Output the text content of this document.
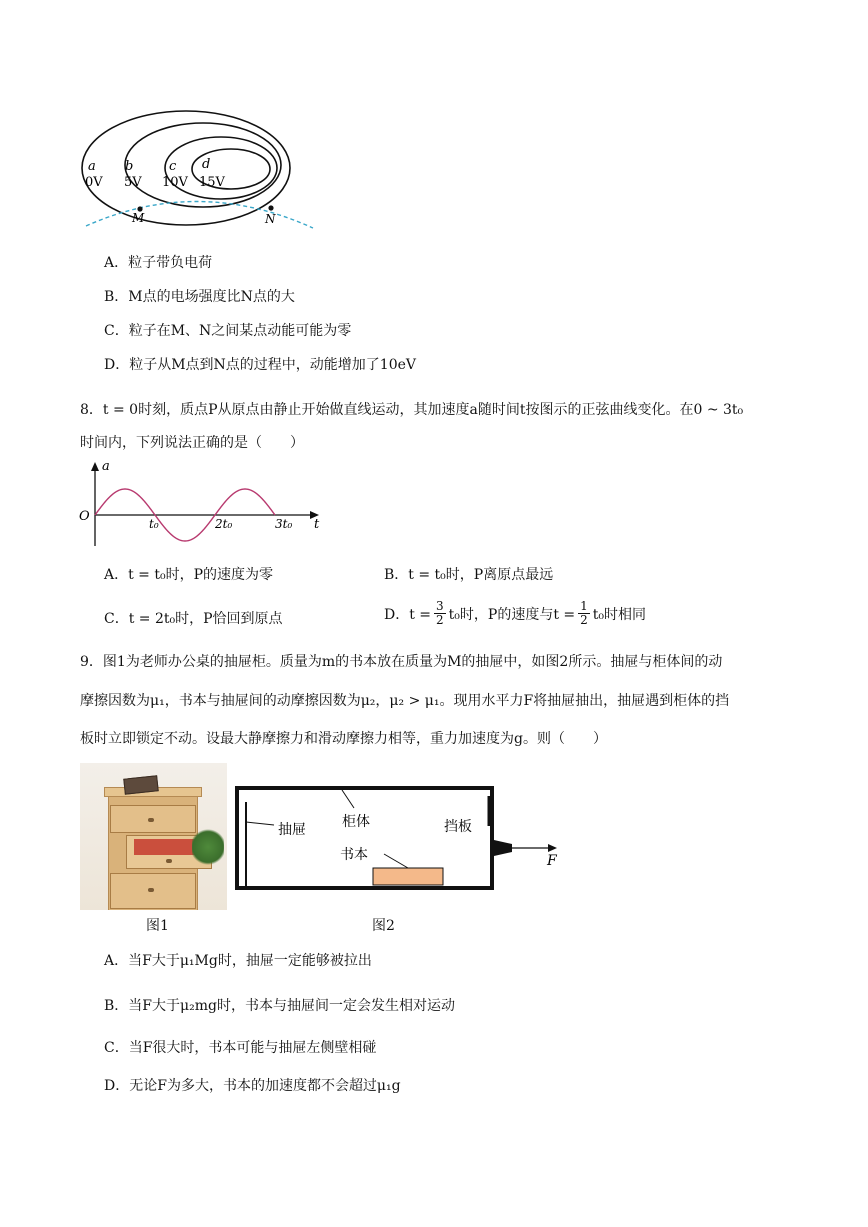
a
0V
b
5V
c
10V
d
15V
M	N
A．粒子带负电荷
B．M点的电场强度比N点的大
C．粒子在M、N之间某点动能可能为零
D．粒子从M点到N点的过程中，动能增加了10eV
8．t = 0时刻，质点P从原点由静止开始做直线运动，其加速度a随时间t按图示的正弦曲线变化。在0 ~ 3t₀
时间内，下列说法正确的是（　　）
a
O
t
t₀	2t₀	3t₀
A．t = t₀时，P的速度为零	B．t = t₀时，P离原点最远
C．t = 2t₀时，P恰回到原点	D．$t = \frac{3}{2} t_0$时，P的速度与$t = \frac{1}{2} t_0$时相同
9．图1为老师办公桌的抽屉柜。质量为m的书本放在质量为M的抽屉中，如图2所示。抽屉与柜体间的动
摩擦因数为μ₁，书本与抽屉间的动摩擦因数为μ₂，μ₂ > μ₁。现用水平力F将抽屉抽出，抽屉遇到柜体的挡
板时立即锁定不动。设最大静摩擦力和滑动摩擦力相等，重力加速度为g。则（　　）
图1
抽屉	柜体	挡板
书本	F
图2
A．当F大于μ₁Mg时，抽屉一定能够被拉出
B．当F大于μ₂mg时，书本与抽屉间一定会发生相对运动
C．当F很大时，书本可能与抽屉左侧壁相碰
D．无论F为多大，书本的加速度都不会超过μ₁g
